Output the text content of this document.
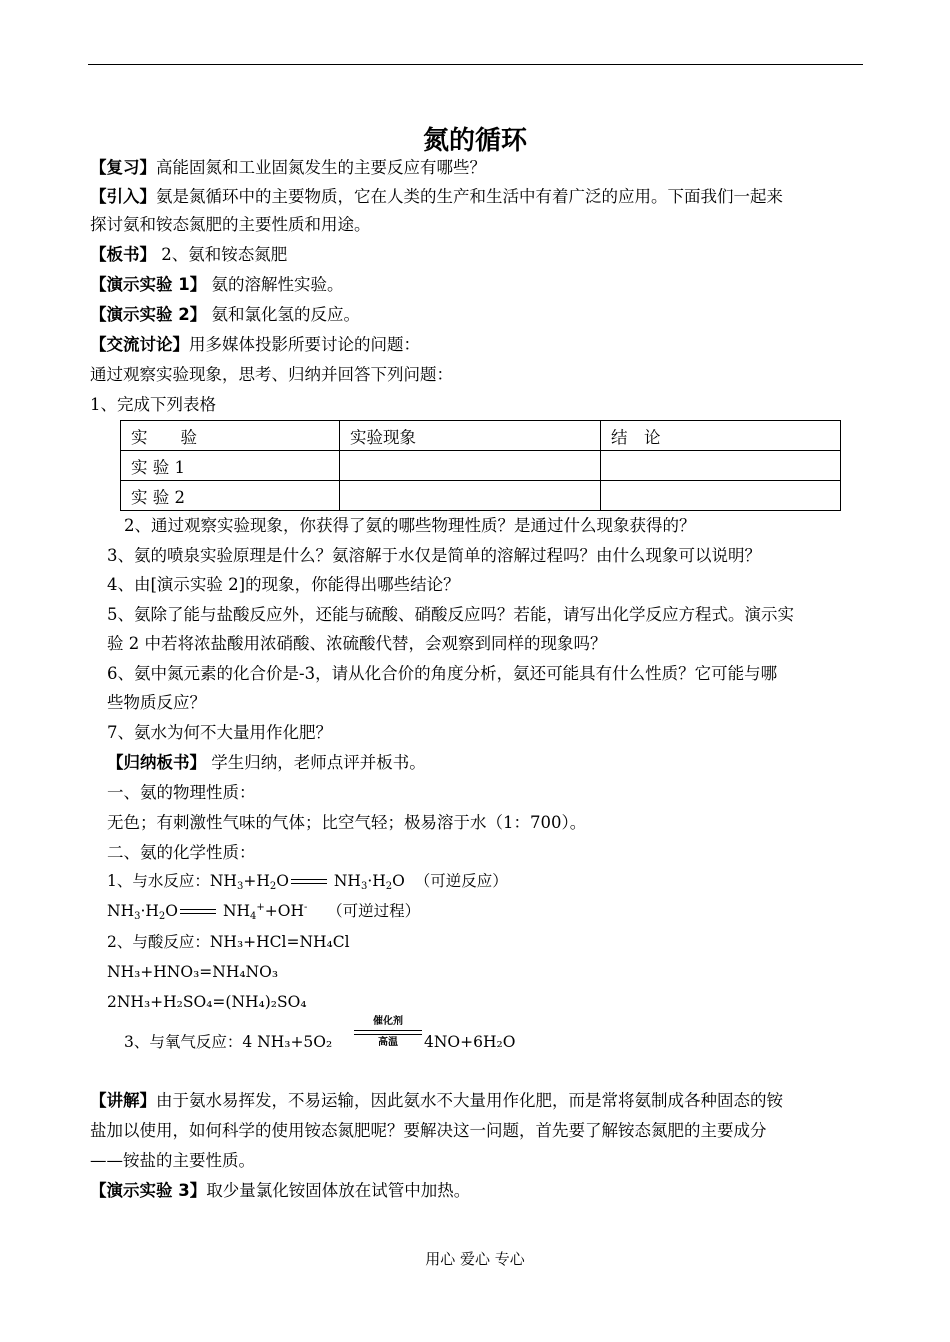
氮的循环
【复习】高能固氮和工业固氮发生的主要反应有哪些？
【引入】氨是氮循环中的主要物质，它在人类的生产和生活中有着广泛的应用。下面我们一起来
探讨氨和铵态氮肥的主要性质和用途。
【板书】 2、氨和铵态氮肥
【演示实验 1】 氨的溶解性实验。
【演示实验 2】 氨和氯化氢的反应。
【交流讨论】用多媒体投影所要讨论的问题：
通过观察实验现象，思考、归纳并回答下列问题：
1、完成下列表格
实　　验	实验现象	结　论
实 验 1		
实 验 2		
2、通过观察实验现象，你获得了氨的哪些物理性质？是通过什么现象获得的？
3、氨的喷泉实验原理是什么？氨溶解于水仅是简单的溶解过程吗？由什么现象可以说明？
4、由[演示实验 2]的现象，你能得出哪些结论？
5、氨除了能与盐酸反应外，还能与硫酸、硝酸反应吗？若能，请写出化学反应方程式。演示实
验 2 中若将浓盐酸用浓硝酸、浓硫酸代替，会观察到同样的现象吗？
6、氨中氮元素的化合价是-3，请从化合价的角度分析，氨还可能具有什么性质？它可能与哪
些物质反应？
7、氨水为何不大量用作化肥？
【归纳板书】 学生归纳，老师点评并板书。
一、氨的物理性质：
无色；有刺激性气味的气体；比空气轻；极易溶于水（1：700）。
二、氨的化学性质：
1、与水反应：$NH_3+H_2O$	$NH_3\cdot H_2O$ （可逆反应）
$NH_3\cdot H_2O$	$NH_4^++OH^-$ （可逆过程）
2、与酸反应：NH₃+HCl=NH₄Cl
NH₃+HNO₃=NH₄NO₃
2NH₃+H₂SO₄=(NH₄)₂SO₄
3、与氧气反应：4 NH₃+5O₂
催化剂
高温	4NO+6H₂O
【讲解】由于氨水易挥发，不易运输，因此氨水不大量用作化肥，而是常将氨制成各种固态的铵
盐加以使用，如何科学的使用铵态氮肥呢？要解决这一问题，首先要了解铵态氮肥的主要成分
——铵盐的主要性质。
【演示实验 3】取少量氯化铵固体放在试管中加热。
用心 爱心 专心
